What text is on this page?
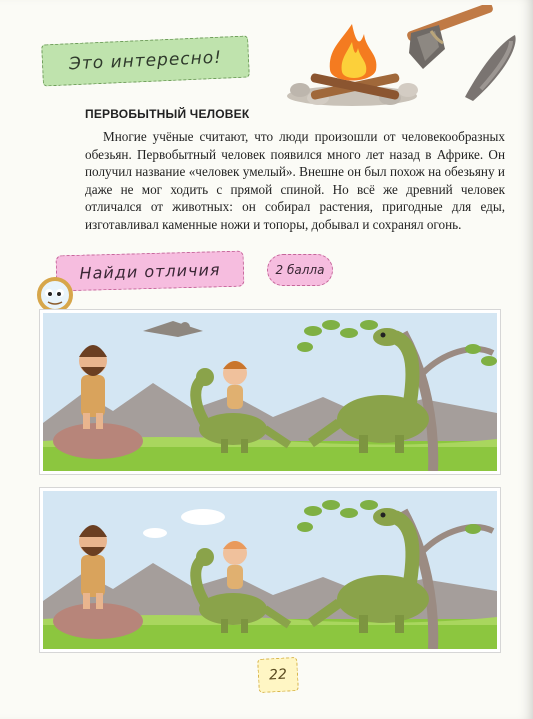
Это интересно!
ПЕРВОБЫТНЫЙ ЧЕЛОВЕК
Многие учёные считают, что люди произошли от человекообразных обезьян. Первобытный человек появился много лет назад в Африке. Он получил название «человек умелый». Внешне он был похож на обезьяну и даже не мог ходить с прямой спиной. Но всё же древний человек отличался от животных: он собирал растения, пригодные для еды, изготавливал каменные ножи и топоры, добывал и сохранял огонь.
Найди отличия	2 балла
22
